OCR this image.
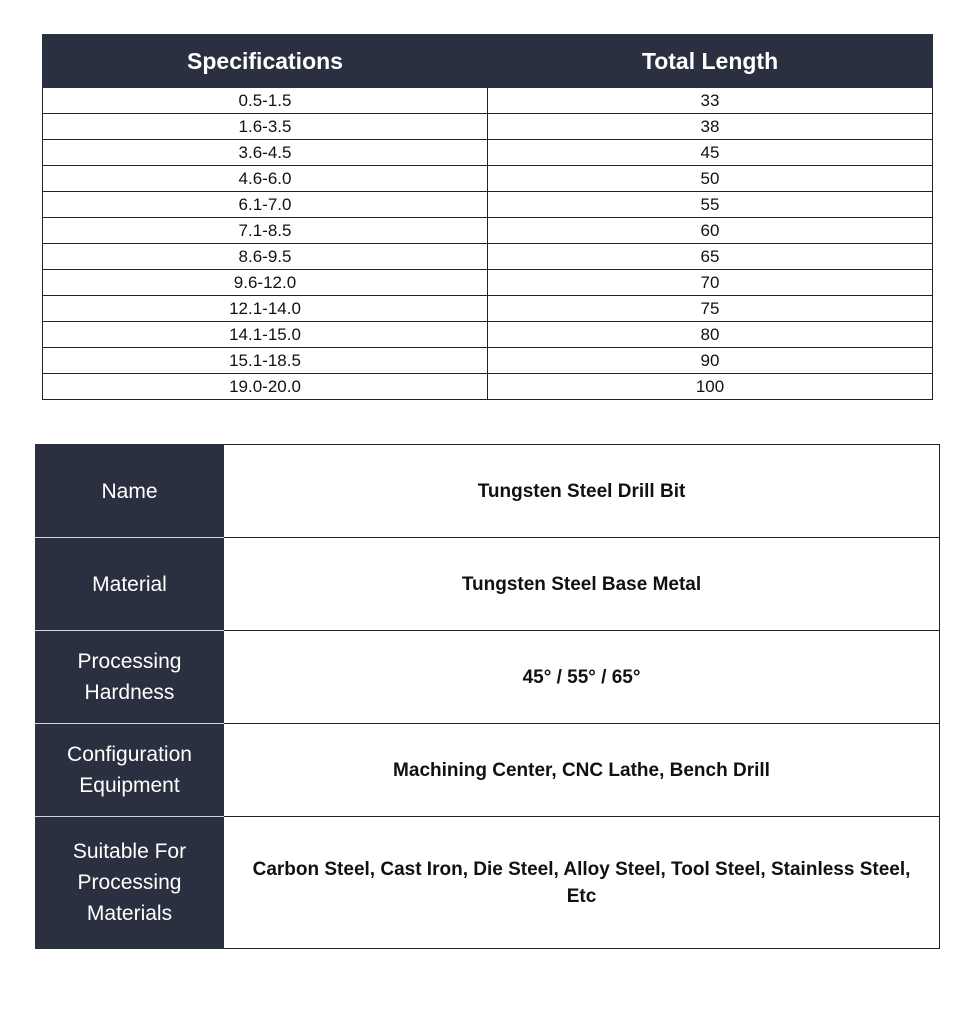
Specifications	Total Length
0.5-1.5	33
1.6-3.5	38
3.6-4.5	45
4.6-6.0	50
6.1-7.0	55
7.1-8.5	60
8.6-9.5	65
9.6-12.0	70
12.1-14.0	75
14.1-15.0	80
15.1-18.5	90
19.0-20.0	100
Name	Tungsten Steel Drill Bit
Material	Tungsten Steel Base Metal
Processing
Hardness	45° / 55° / 65°
Configuration
Equipment	Machining Center, CNC Lathe, Bench Drill
Suitable For
Processing
Materials	Carbon Steel, Cast Iron, Die Steel, Alloy Steel, Tool Steel, Stainless Steel, Etc
